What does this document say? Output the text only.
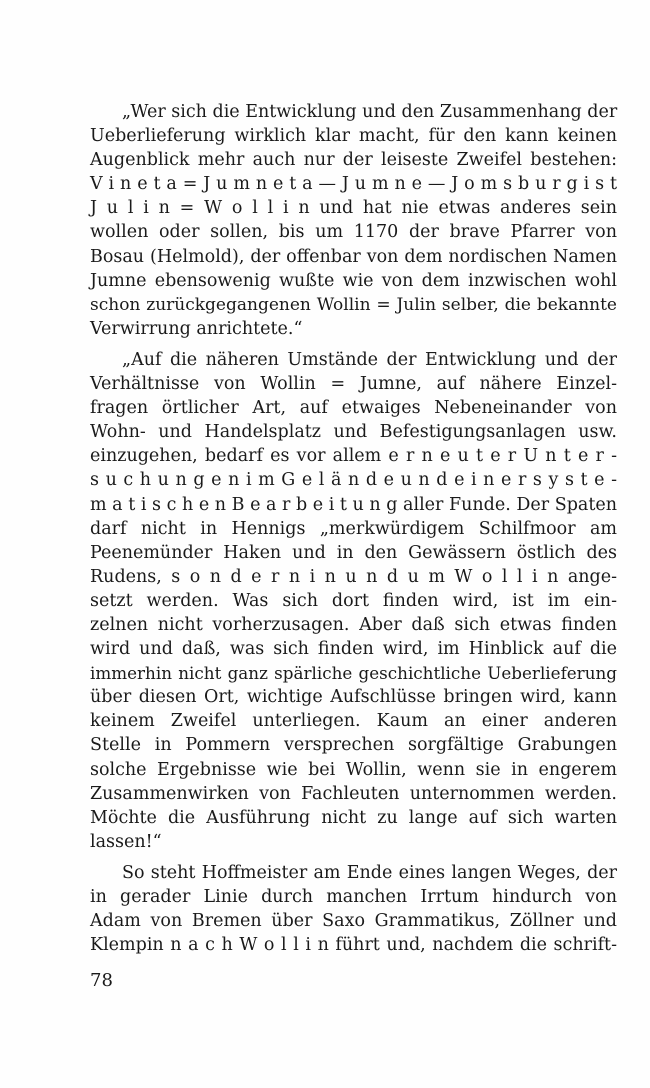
„Wer sich die Entwicklung und den Zusammenhang der
Ueberlieferung wirklich klar macht, für den kann keinen
Augenblick mehr auch nur der leiseste Zweifel bestehen:
V i n e t a = J u m n e t a — J u m n e — J o m s b u r g i s t
J u l i n = W o l l i n und hat nie etwas anderes sein
wollen oder sollen, bis um 1170 der brave Pfarrer von
Bosau (Helmold), der offenbar von dem nordischen Namen
Jumne ebensowenig wußte wie von dem inzwischen wohl
schon zurückgegangenen Wollin = Julin selber, die bekannte
Verwirrung anrichtete.“
„Auf die näheren Umstände der Entwicklung und der
Verhältnisse von Wollin = Jumne, auf nähere Einzel-
fragen örtlicher Art, auf etwaiges Nebeneinander von
Wohn- und Handelsplatz und Befestigungsanlagen usw.
einzugehen, bedarf es vor allem e r n e u t e r U n t e r -
s u c h u n g e n i m G e l ä n d e u n d e i n e r s y s t e -
m a t i s c h e n B e a r b e i t u n g aller Funde. Der Spaten
darf nicht in Hennigs „merkwürdigem Schilfmoor am
Peenemünder Haken und in den Gewässern östlich des
Rudens, s o n d e r n i n u n d u m W o l l i n ange-
setzt werden. Was sich dort finden wird, ist im ein-
zelnen nicht vorherzusagen. Aber daß sich etwas finden
wird und daß, was sich finden wird, im Hinblick auf die
immerhin nicht ganz spärliche geschichtliche Ueberlieferung
über diesen Ort, wichtige Aufschlüsse bringen wird, kann
keinem Zweifel unterliegen. Kaum an einer anderen
Stelle in Pommern versprechen sorgfältige Grabungen
solche Ergebnisse wie bei Wollin, wenn sie in engerem
Zusammenwirken von Fachleuten unternommen werden.
Möchte die Ausführung nicht zu lange auf sich warten
lassen!“
So steht Hoffmeister am Ende eines langen Weges, der
in gerader Linie durch manchen Irrtum hindurch von
Adam von Bremen über Saxo Grammatikus, Zöllner und
Klempin n a c h W o l l i n führt und, nachdem die schrift-
78
